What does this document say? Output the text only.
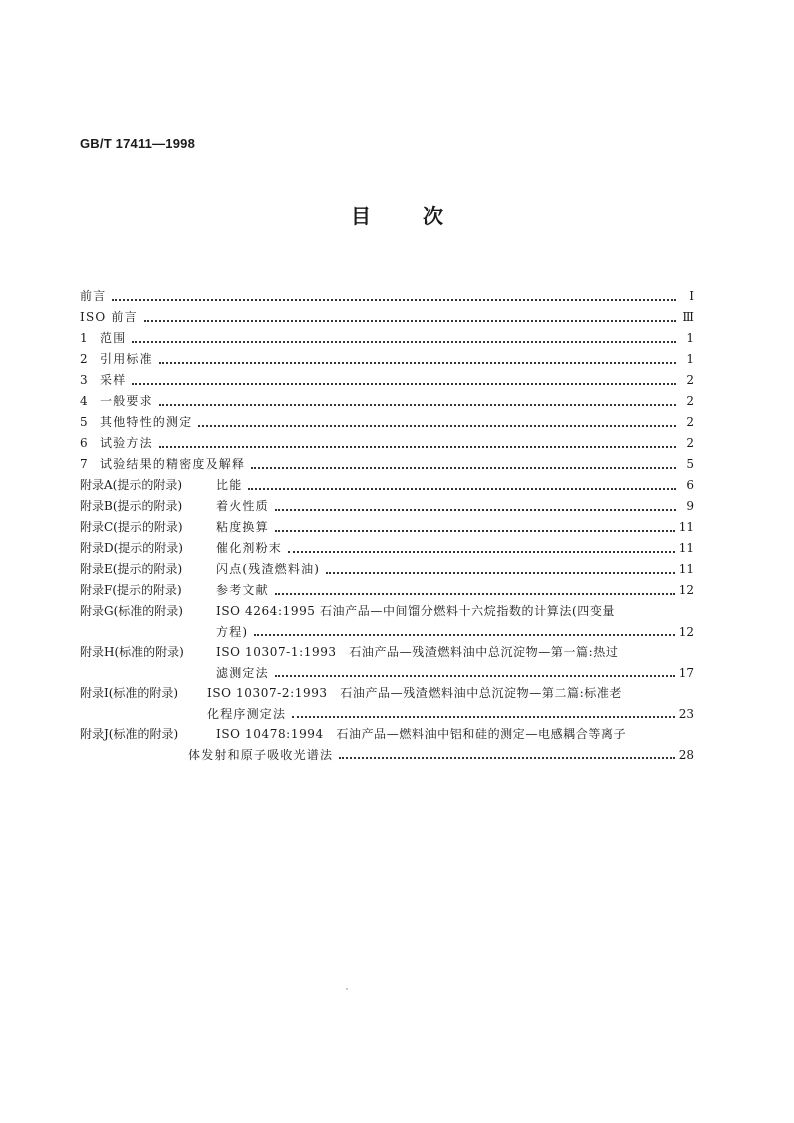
GB/T 17411—1998
目次
前言	Ⅰ
ISO 前言	Ⅲ
1	范围	1
2	引用标准	1
3	采样	2
4	一般要求	2
5	其他特性的测定	2
6	试验方法	2
7	试验结果的精密度及解释	5
附录A(提示的附录)	比能	6
附录B(提示的附录)	着火性质	9
附录C(提示的附录)	粘度换算	11
附录D(提示的附录)	催化剂粉末	11
附录E(提示的附录)	闪点(残渣燃料油)	11
附录F(提示的附录)	参考文献	12
附录G(标准的附录)	ISO 4264:1995 石油产品—中间馏分燃料十六烷指数的计算法(四变量
方程)	12
附录H(标准的附录)	ISO 10307-1:1993　石油产品—残渣燃料油中总沉淀物—第一篇:热过
滤测定法	17
附录I(标准的附录)	ISO 10307-2:1993　石油产品—残渣燃料油中总沉淀物—第二篇:标准老
化程序测定法	23
附录J(标准的附录)	ISO 10478:1994　石油产品—燃料油中铝和硅的测定—电感耦合等离子
体发射和原子吸收光谱法	28
